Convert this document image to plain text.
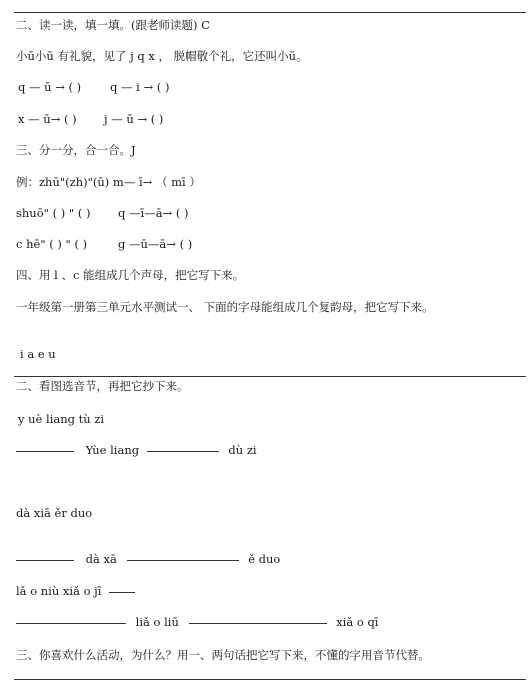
二、读一读，填一填。(跟老师读题) C
小ū小ū 有礼貌，见了 j q x ， 脱帽敬个礼，它还叫小ū。
q — ū → ( )	q — i → ( )
x — ū→ ( ) j — ū → ( )
三、分一分，合一合。J
例：zhū"(zh)"(ū) m— ī→ （ mī ）
shuō" ( ) " ( ) q —ī—ā→ ( )
c hē" ( ) " ( )	g —ū—ā→ ( )
四、用 l 、c 能组成几个声母，把它写下来。
一年级第一册第三单元水平测试一、 下面的字母能组成几个复韵母，把它写下来。
i a e u
二、看图选音节，再把它抄下来。
y uè liang tù zi
Yùe liang	dù zi
dà xiā ěr duo
dà xā	ě duo
lǎ o niù xiǎ o jī
liǎ o liū	xiǎ o qī
三、你喜欢什么活动，为什么？用一、两句话把它写下来，不懂的字用音节代替。
